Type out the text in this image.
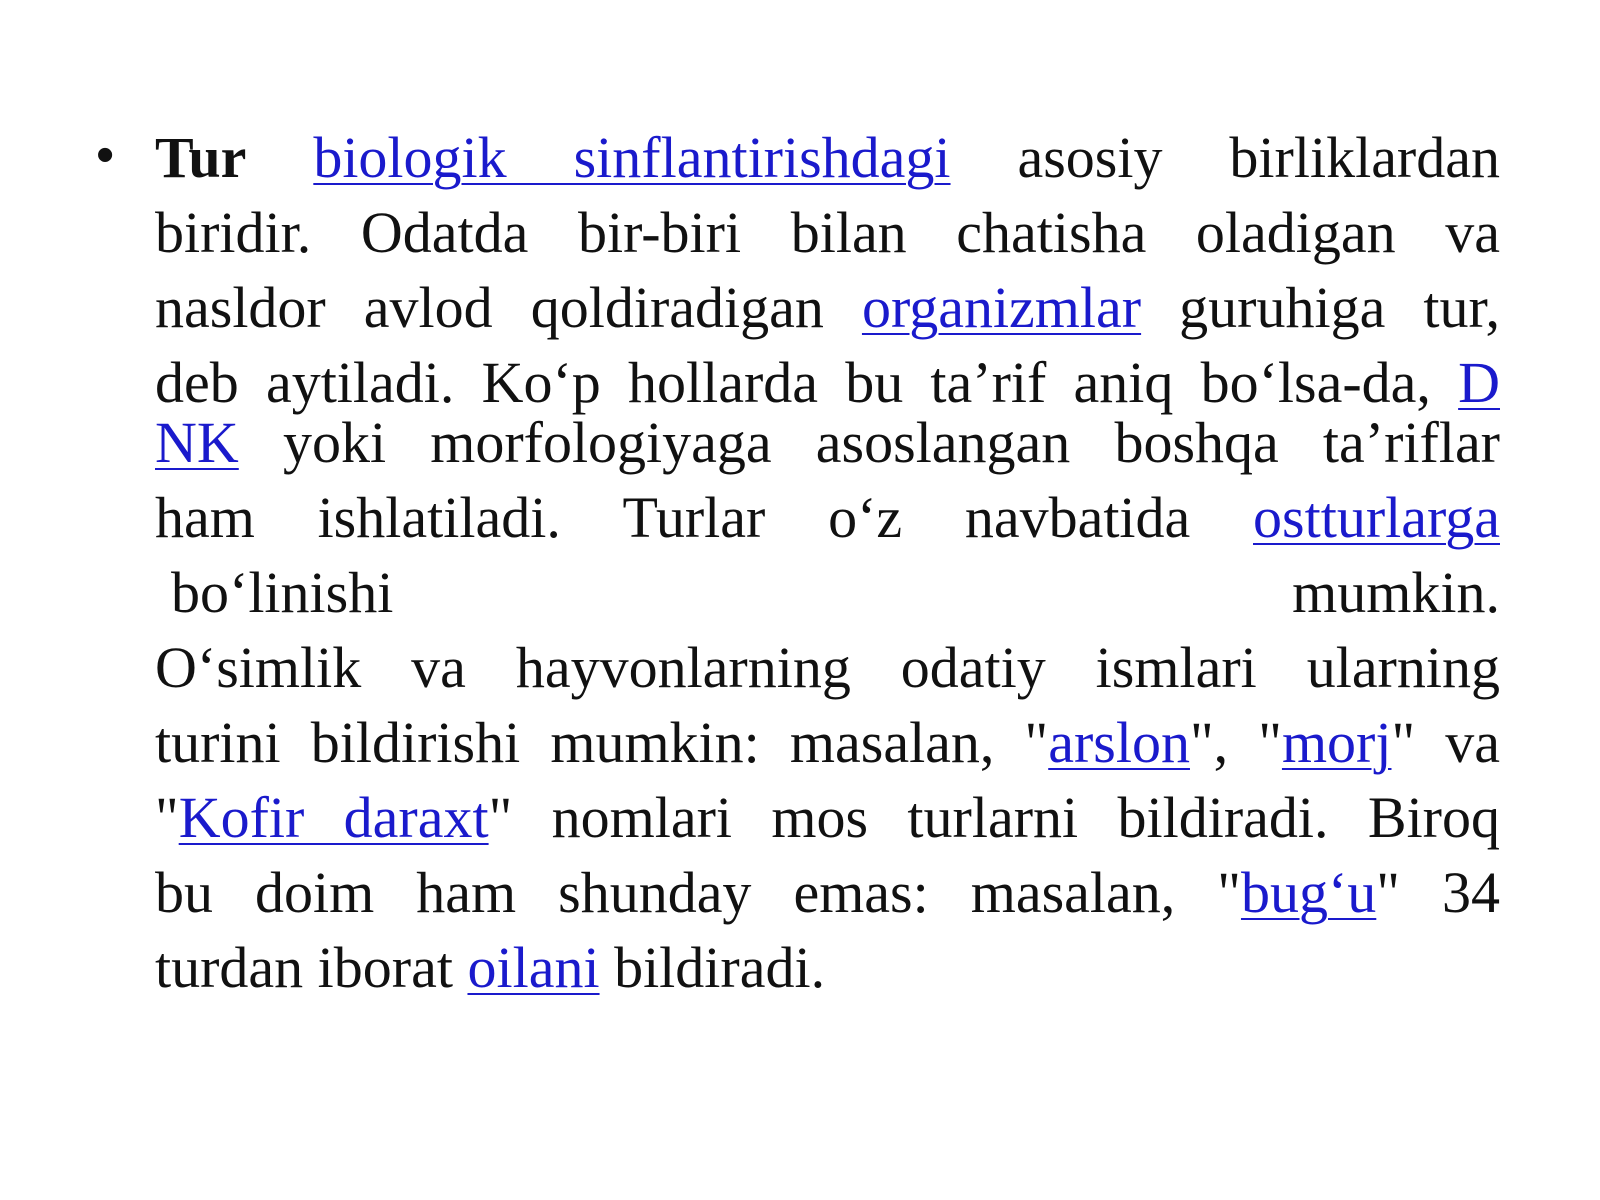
• Tur biologik sinflantirishdagi asosiy birliklardan
biridir. Odatda bir-biri bilan chatisha oladigan va
nasldor avlod qoldiradigan organizmlar guruhiga tur,
deb aytiladi. Ko‘p hollarda bu ta’rif aniq bo‘lsa-da, D
NK yoki morfologiyaga asoslangan boshqa ta’riflar
ham ishlatiladi. Turlar o‘z navbatida ostturlarga
bo‘linishi	mumkin.
O‘simlik va hayvonlarning odatiy ismlari ularning
turini bildirishi mumkin: masalan, "arslon", "morj" va
"Kofir daraxt" nomlari mos turlarni bildiradi. Biroq
bu doim ham shunday emas: masalan, "bug‘u" 34
turdan iborat oilani bildiradi.
